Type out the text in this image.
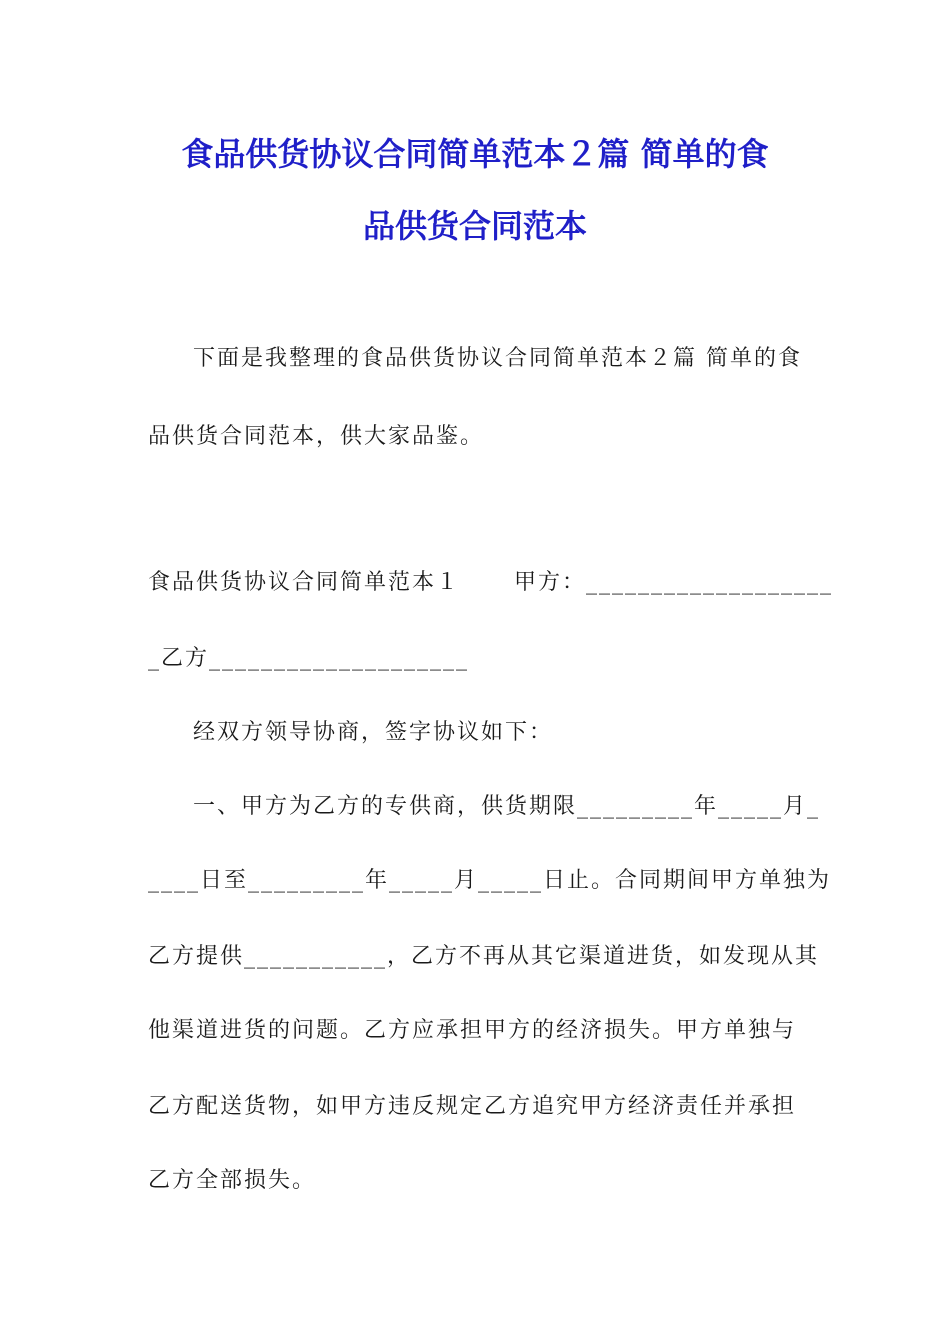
食品供货协议合同简单范本２篇 简单的食
品供货合同范本
下面是我整理的食品供货协议合同简单范本２篇 简单的食
品供货合同范本，供大家品鉴。
食品供货协议合同简单范本１      甲方：___________________
_乙方____________________
经双方领导协商，签字协议如下：
一、甲方为乙方的专供商，供货期限_________年_____月_
____日至_________年_____月_____日止。合同期间甲方单独为
乙方提供___________，乙方不再从其它渠道进货，如发现从其
他渠道进货的问题。乙方应承担甲方的经济损失。甲方单独与
乙方配送货物，如甲方违反规定乙方追究甲方经济责任并承担
乙方全部损失。
